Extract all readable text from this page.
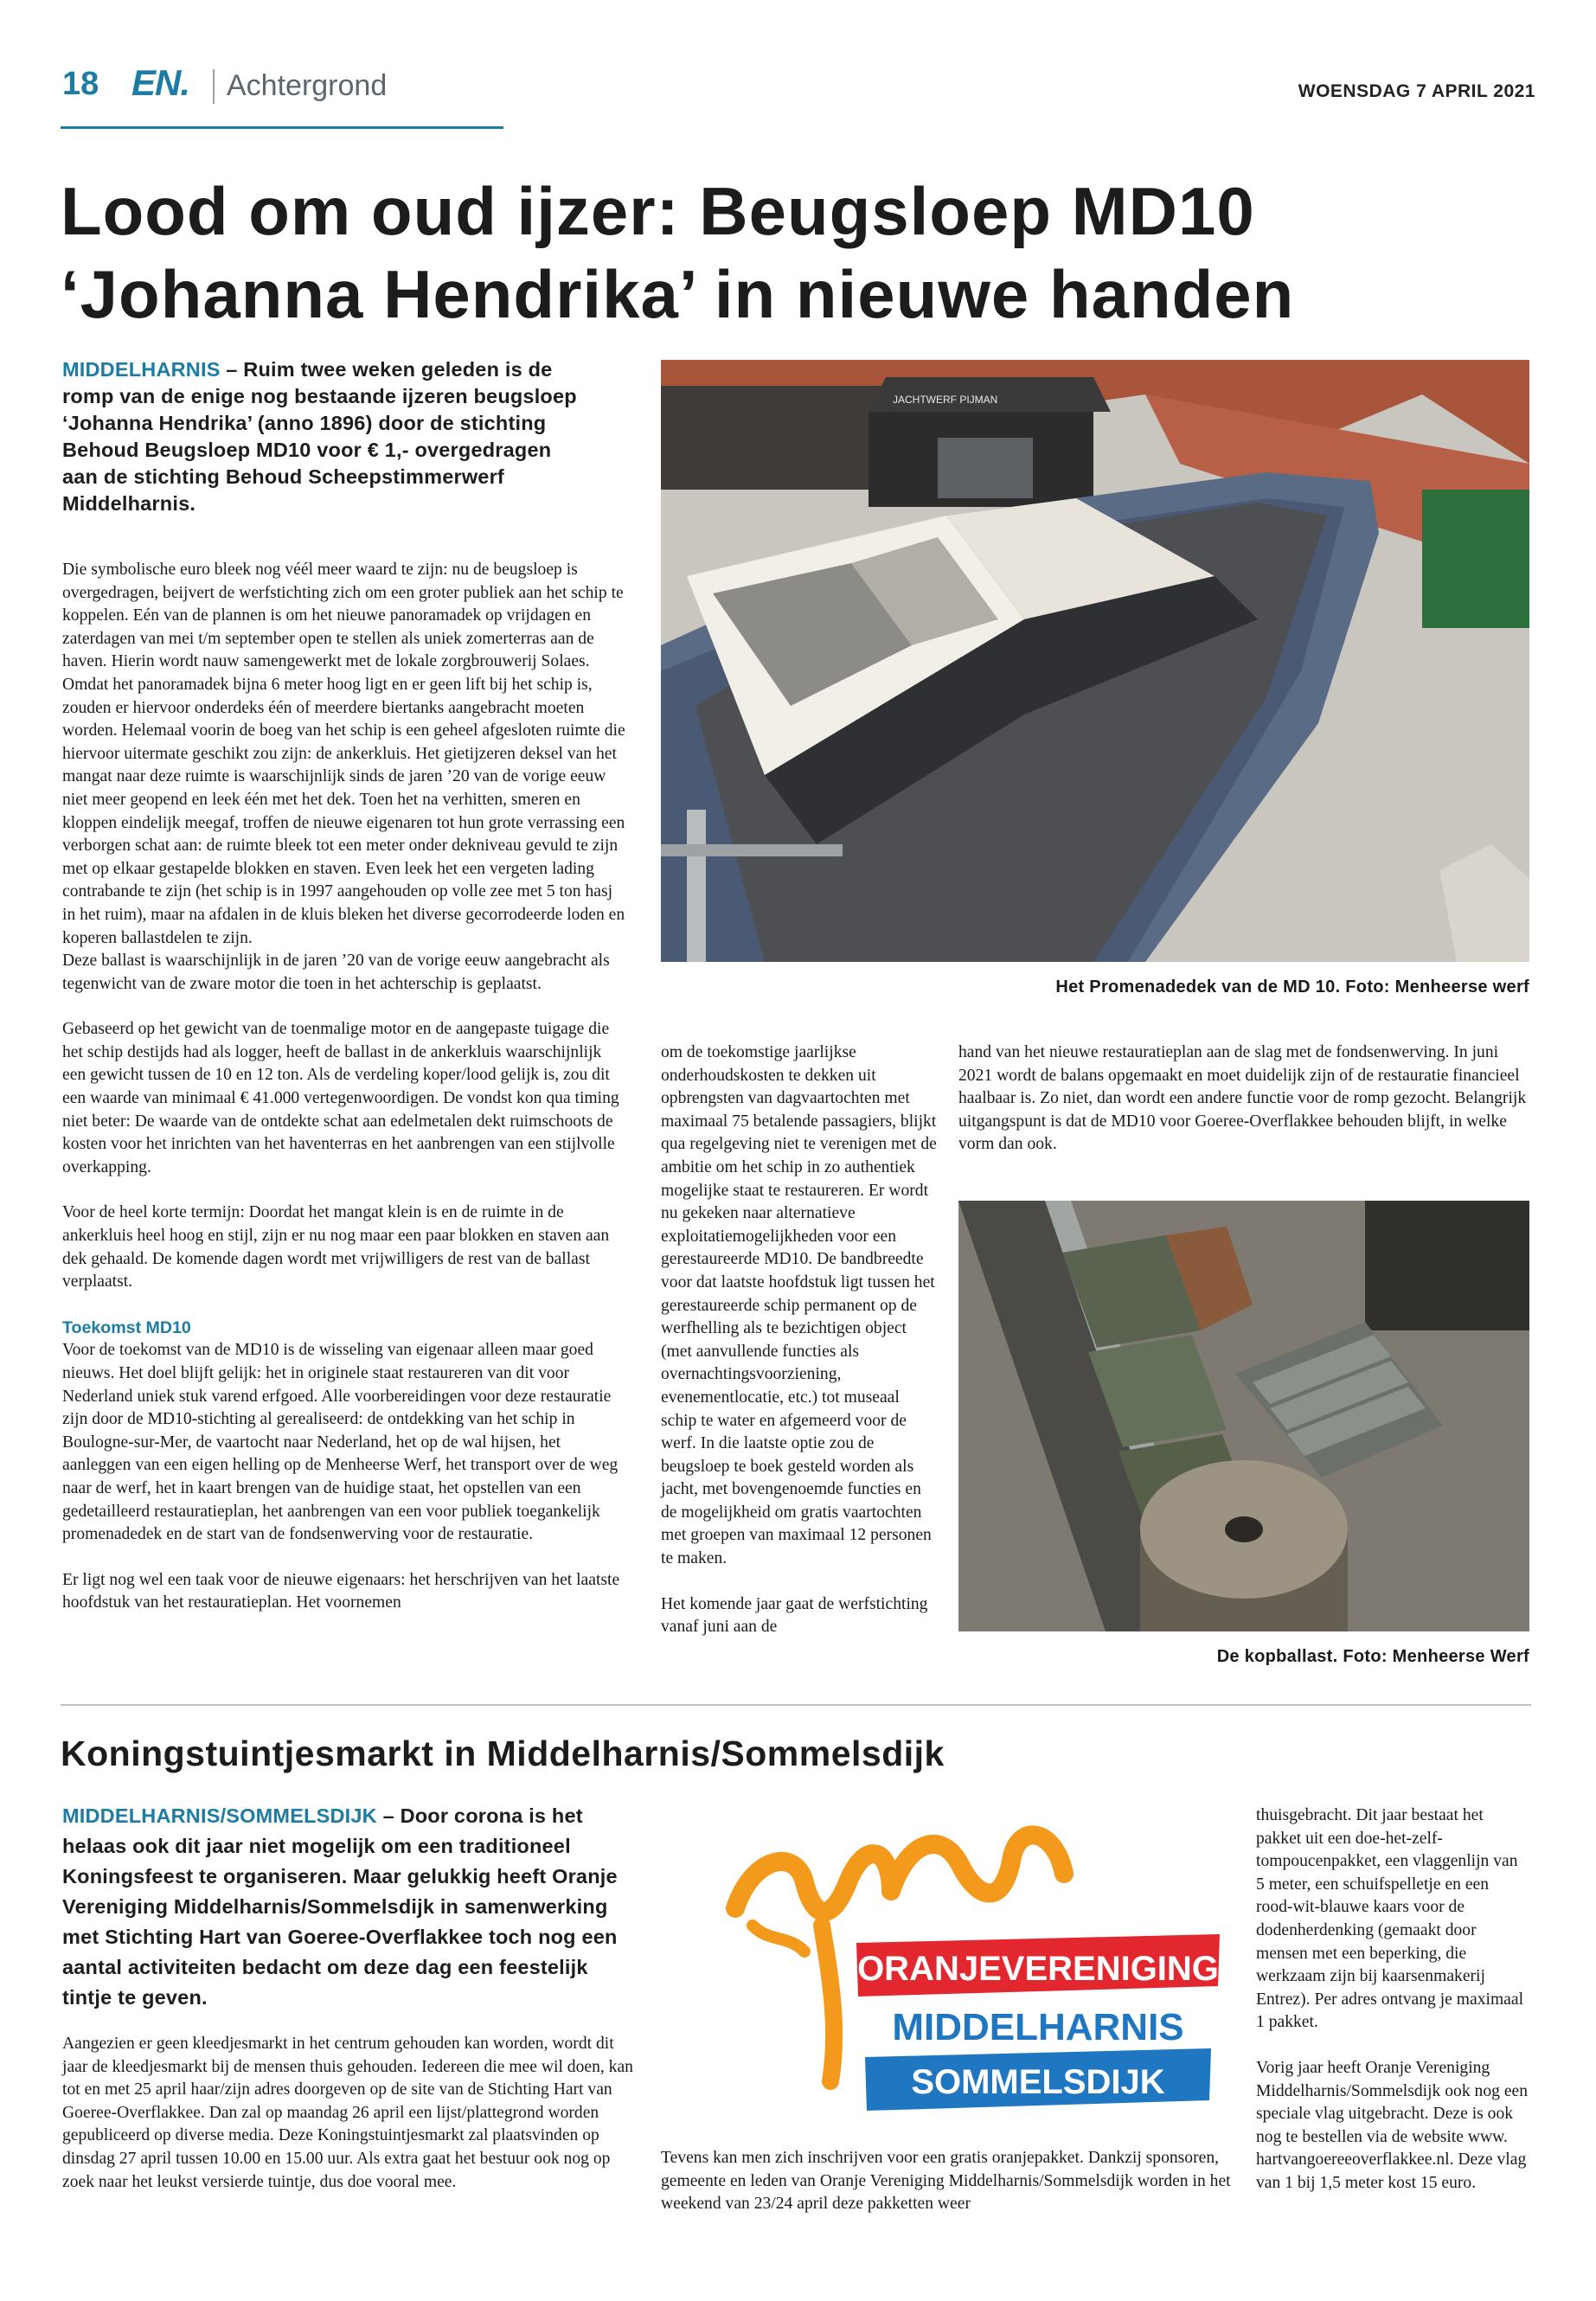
18 EN. Achtergrond	WOENSDAG 7 APRIL 2021
Lood om oud ijzer: Beugsloep MD10
‘Johanna Hendrika’ in nieuwe handen

MIDDELHARNIS – Ruim twee weken geleden is de romp van de enige nog bestaande ijzeren beugsloep ‘Johanna Hendrika’ (anno 1896) door de stichting Behoud Beugsloep MD10 voor € 1,- overgedragen aan de stichting Behoud Scheepstimmerwerf Middelharnis.

Die symbolische euro bleek nog véél meer waard te zijn: nu de beugsloep is overgedragen, beijvert de werfstichting zich om een groter publiek aan het schip te koppelen. Eén van de plannen is om het nieuwe panoramadek op vrijdagen en zaterdagen van mei t/m september open te stellen als uniek zomerterras aan de haven. Hierin wordt nauw samengewerkt met de lokale zorgbrouwerij Solaes. Omdat het panoramadek bijna 6 meter hoog ligt en er geen lift bij het schip is, zouden er hiervoor onderdeks één of meerdere biertanks aangebracht moeten worden. Helemaal voorin de boeg van het schip is een geheel afgesloten ruimte die hiervoor uitermate geschikt zou zijn: de ankerkluis. Het gietijzeren deksel van het mangat naar deze ruimte is waarschijnlijk sinds de jaren ’20 van de vorige eeuw niet meer geopend en leek één met het dek. Toen het na verhitten, smeren en kloppen eindelijk meegaf, troffen de nieuwe eigenaren tot hun grote verrassing een verborgen schat aan: de ruimte bleek tot een meter onder dekniveau gevuld te zijn met op elkaar gestapelde blokken en staven. Even leek het een vergeten lading contrabande te zijn (het schip is in 1997 aangehouden op volle zee met 5 ton hasj in het ruim), maar na afdalen in de kluis bleken het diverse gecorrodeerde loden en koperen ballastdelen te zijn.

Deze ballast is waarschijnlijk in de jaren ’20 van de vorige eeuw aangebracht als tegenwicht van de zware motor die toen in het achterschip is geplaatst.

Gebaseerd op het gewicht van de toenmalige motor en de aangepaste tuigage die het schip destijds had als logger, heeft de ballast in de ankerkluis waarschijnlijk een gewicht tussen de 10 en 12 ton. Als de verdeling koper/lood gelijk is, zou dit een waarde van minimaal € 41.000 vertegenwoordigen. De vondst kon qua timing niet beter: De waarde van de ontdekte schat aan edelmetalen dekt ruimschoots de kosten voor het inrichten van het haventerras en het aanbrengen van een stijlvolle overkapping.

Voor de heel korte termijn: Doordat het mangat klein is en de ruimte in de ankerkluis heel hoog en stijl, zijn er nu nog maar een paar blokken en staven aan dek gehaald. De komende dagen wordt met vrijwilligers de rest van de ballast verplaatst.

Toekomst MD10

Voor de toekomst van de MD10 is de wisseling van eigenaar alleen maar goed nieuws. Het doel blijft gelijk: het in originele staat restaureren van dit voor Nederland uniek stuk varend erfgoed. Alle voorbereidingen voor deze restauratie zijn door de MD10-stichting al gerealiseerd: de ontdekking van het schip in Boulogne-sur-Mer, de vaartocht naar Nederland, het op de wal hijsen, het aanleggen van een eigen helling op de Menheerse Werf, het transport over de weg naar de werf, het in kaart brengen van de huidige staat, het opstellen van een gedetailleerd restauratieplan, het aanbrengen van een voor publiek toegankelijk promenadedek en de start van de fondsenwerving voor de restauratie.

Er ligt nog wel een taak voor de nieuwe eigenaars: het herschrijven van het laatste hoofdstuk van het restauratieplan. Het voornemen

om de toekomstige jaarlijkse onderhoudskosten te dekken uit opbrengsten van dagvaartochten met maximaal 75 betalende passagiers, blijkt qua regelgeving niet te verenigen met de ambitie om het schip in zo authentiek mogelijke staat te restaureren. Er wordt nu gekeken naar alternatieve exploitatiemogelijkheden voor een gerestaureerde MD10. De bandbreedte voor dat laatste hoofdstuk ligt tussen het gerestaureerde schip permanent op de werfhelling als te bezichtigen object (met aanvullende functies als overnachtingsvoorziening, evenementlocatie, etc.) tot museaal schip te water en afgemeerd voor de werf. In die laatste optie zou de beugsloep te boek gesteld worden als jacht, met bovengenoemde functies en de mogelijkheid om gratis vaartochten met groepen van maximaal 12 personen te maken.

Het komende jaar gaat de werfstichting vanaf juni aan de

hand van het nieuwe restauratieplan aan de slag met de fondsenwerving. In juni 2021 wordt de balans opgemaakt en moet duidelijk zijn of de restauratie financieel haalbaar is. Zo niet, dan wordt een andere functie voor de romp gezocht. Belangrijk uitgangspunt is dat de MD10 voor Goeree-Overflakkee behouden blijft, in welke vorm dan ook.

JACHTWERF PIJMAN
Het Promenadedek van de MD 10. Foto: Menheerse werf
De kopballast. Foto: Menheerse Werf
Koningstuintjesmarkt in Middelharnis/Sommelsdijk

MIDDELHARNIS/SOMMELSDIJK – Door corona is het helaas ook dit jaar niet mogelijk om een traditioneel Koningsfeest te organiseren. Maar gelukkig heeft Oranje Vereniging Middelharnis/Sommelsdijk in samenwerking met Stichting Hart van Goeree-Overflakkee toch nog een aantal activiteiten bedacht om deze dag een feestelijk tintje te geven.

Aangezien er geen kleedjesmarkt in het centrum gehouden kan worden, wordt dit jaar de kleedjesmarkt bij de mensen thuis gehouden. Iedereen die mee wil doen, kan tot en met 25 april haar/zijn adres doorgeven op de site van de Stichting Hart van Goeree-Overflakkee. Dan zal op maandag 26 april een lijst/plattegrond worden gepubliceerd op diverse media. Deze Koningstuintjesmarkt zal plaatsvinden op dinsdag 27 april tussen 10.00 en 15.00 uur. Als extra gaat het bestuur ook nog op zoek naar het leukst versierde tuintje, dus doe vooral mee.

ORANJEVERENIGING
MIDDELHARNIS
SOMMELSDIJK

Tevens kan men zich inschrijven voor een gratis oranjepakket. Dankzij sponsoren, gemeente en leden van Oranje Vereniging Middelharnis/Sommelsdijk worden in het weekend van 23/24 april deze pakketten weer

thuisgebracht. Dit jaar bestaat het pakket uit een doe-het-zelf-tompoucenpakket, een vlaggenlijn van 5 meter, een schuifspelletje en een rood-wit-blauwe kaars voor de dodenherdenking (gemaakt door mensen met een beperking, die werkzaam zijn bij kaarsenmakerij Entrez). Per adres ontvang je maximaal 1 pakket.

Vorig jaar heeft Oranje Vereniging Middelharnis/Sommelsdijk ook nog een speciale vlag uitgebracht. Deze is ook nog te bestellen via de website www. hartvangoereeoverflakkee.nl. Deze vlag van 1 bij 1,5 meter kost 15 euro.
